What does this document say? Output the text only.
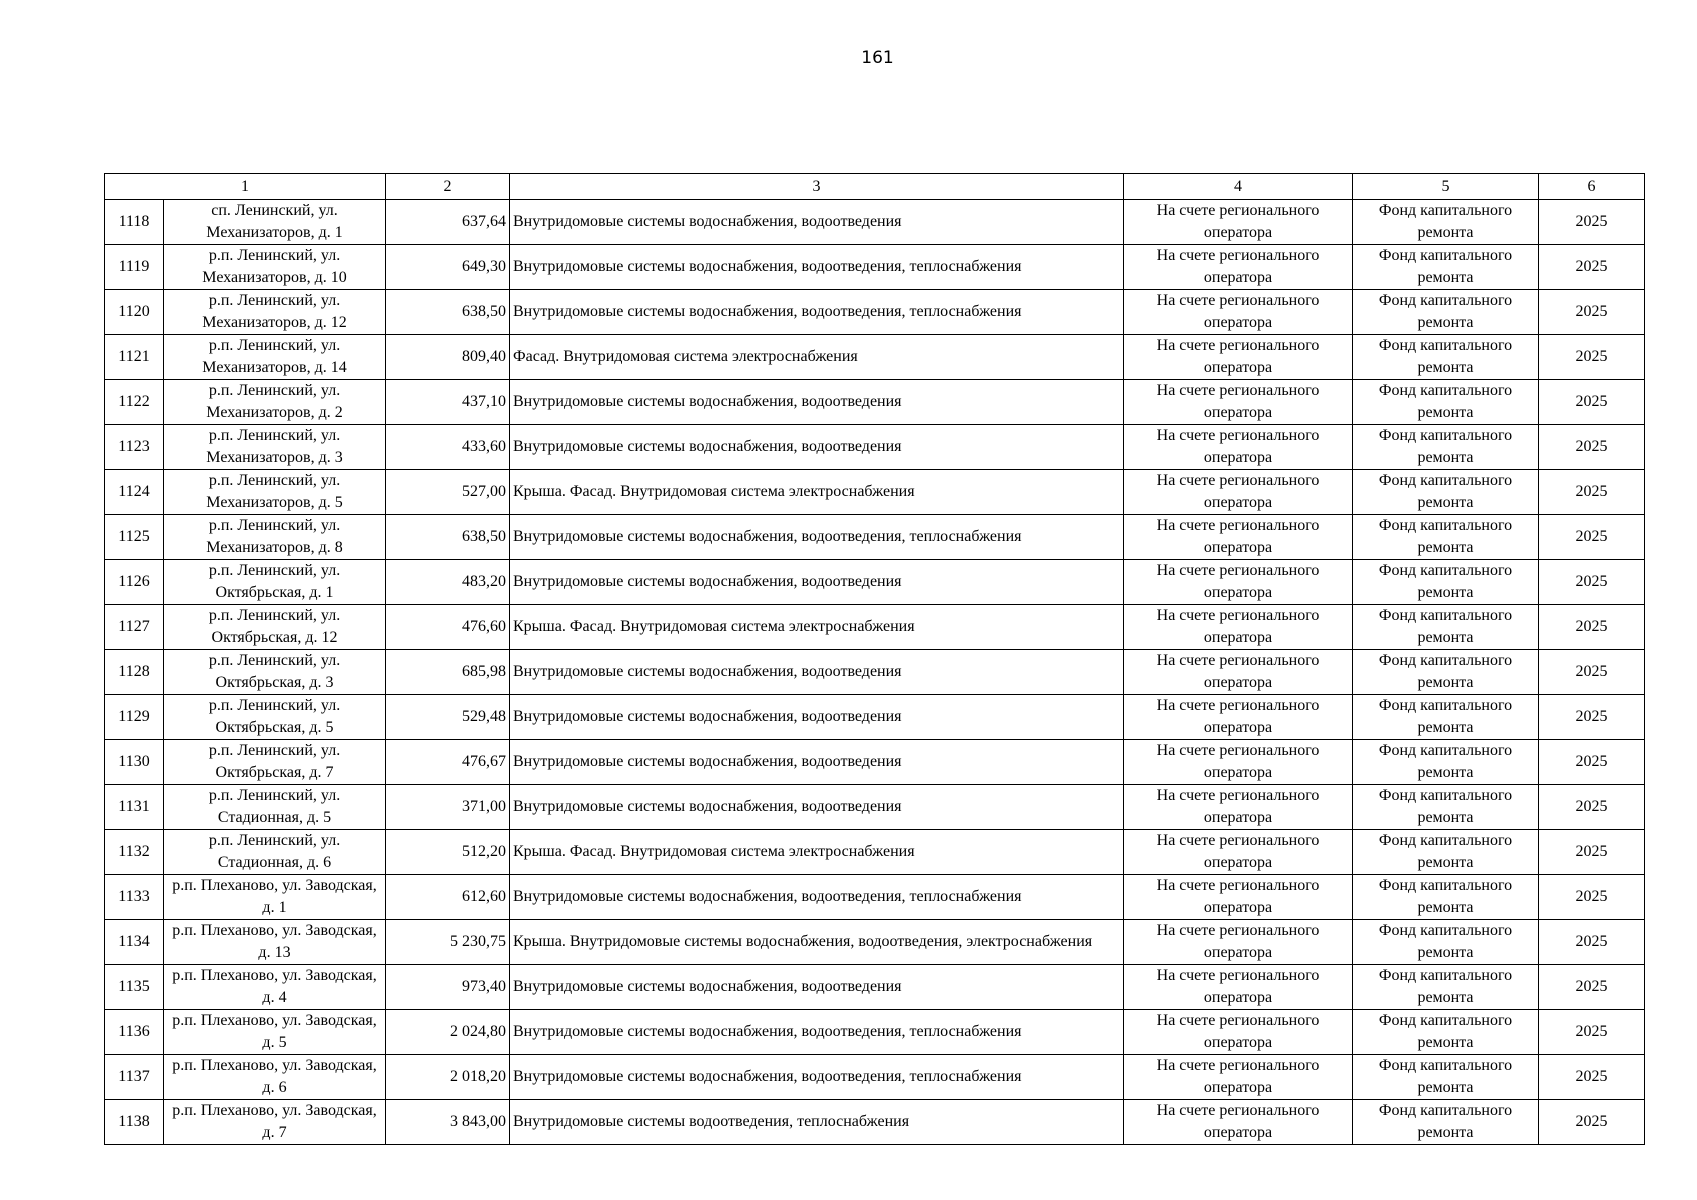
161
1		2	3	4	5	6
1118	сп. Ленинский, ул. Механизаторов, д. 1	637,64	Внутридомовые системы водоснабжения, водоотведения	На счете регионального оператора	Фонд капитального ремонта	2025
1119	р.п. Ленинский, ул. Механизаторов, д. 10	649,30	Внутридомовые системы водоснабжения, водоотведения, теплоснабжения	На счете регионального оператора	Фонд капитального ремонта	2025
1120	р.п. Ленинский, ул. Механизаторов, д. 12	638,50	Внутридомовые системы водоснабжения, водоотведения, теплоснабжения	На счете регионального оператора	Фонд капитального ремонта	2025
1121	р.п. Ленинский, ул. Механизаторов, д. 14	809,40	Фасад. Внутридомовая система электроснабжения	На счете регионального оператора	Фонд капитального ремонта	2025
1122	р.п. Ленинский, ул. Механизаторов, д. 2	437,10	Внутридомовые системы водоснабжения, водоотведения	На счете регионального оператора	Фонд капитального ремонта	2025
1123	р.п. Ленинский, ул. Механизаторов, д. 3	433,60	Внутридомовые системы водоснабжения, водоотведения	На счете регионального оператора	Фонд капитального ремонта	2025
1124	р.п. Ленинский, ул. Механизаторов, д. 5	527,00	Крыша. Фасад. Внутридомовая система электроснабжения	На счете регионального оператора	Фонд капитального ремонта	2025
1125	р.п. Ленинский, ул. Механизаторов, д. 8	638,50	Внутридомовые системы водоснабжения, водоотведения, теплоснабжения	На счете регионального оператора	Фонд капитального ремонта	2025
1126	р.п. Ленинский, ул. Октябрьская, д. 1	483,20	Внутридомовые системы водоснабжения, водоотведения	На счете регионального оператора	Фонд капитального ремонта	2025
1127	р.п. Ленинский, ул. Октябрьская, д. 12	476,60	Крыша. Фасад. Внутридомовая система электроснабжения	На счете регионального оператора	Фонд капитального ремонта	2025
1128	р.п. Ленинский, ул. Октябрьская, д. 3	685,98	Внутридомовые системы водоснабжения, водоотведения	На счете регионального оператора	Фонд капитального ремонта	2025
1129	р.п. Ленинский, ул. Октябрьская, д. 5	529,48	Внутридомовые системы водоснабжения, водоотведения	На счете регионального оператора	Фонд капитального ремонта	2025
1130	р.п. Ленинский, ул. Октябрьская, д. 7	476,67	Внутридомовые системы водоснабжения, водоотведения	На счете регионального оператора	Фонд капитального ремонта	2025
1131	р.п. Ленинский, ул. Стадионная, д. 5	371,00	Внутридомовые системы водоснабжения, водоотведения	На счете регионального оператора	Фонд капитального ремонта	2025
1132	р.п. Ленинский, ул. Стадионная, д. 6	512,20	Крыша. Фасад. Внутридомовая система электроснабжения	На счете регионального оператора	Фонд капитального ремонта	2025
1133	р.п. Плеханово, ул. Заводская, д. 1	612,60	Внутридомовые системы водоснабжения, водоотведения, теплоснабжения	На счете регионального оператора	Фонд капитального ремонта	2025
1134	р.п. Плеханово, ул. Заводская, д. 13	5 230,75	Крыша. Внутридомовые системы водоснабжения, водоотведения, электроснабжения	На счете регионального оператора	Фонд капитального ремонта	2025
1135	р.п. Плеханово, ул. Заводская, д. 4	973,40	Внутридомовые системы водоснабжения, водоотведения	На счете регионального оператора	Фонд капитального ремонта	2025
1136	р.п. Плеханово, ул. Заводская, д. 5	2 024,80	Внутридомовые системы водоснабжения, водоотведения, теплоснабжения	На счете регионального оператора	Фонд капитального ремонта	2025
1137	р.п. Плеханово, ул. Заводская, д. 6	2 018,20	Внутридомовые системы водоснабжения, водоотведения, теплоснабжения	На счете регионального оператора	Фонд капитального ремонта	2025
1138	р.п. Плеханово, ул. Заводская, д. 7	3 843,00	Внутридомовые системы водоотведения, теплоснабжения	На счете регионального оператора	Фонд капитального ремонта	2025
